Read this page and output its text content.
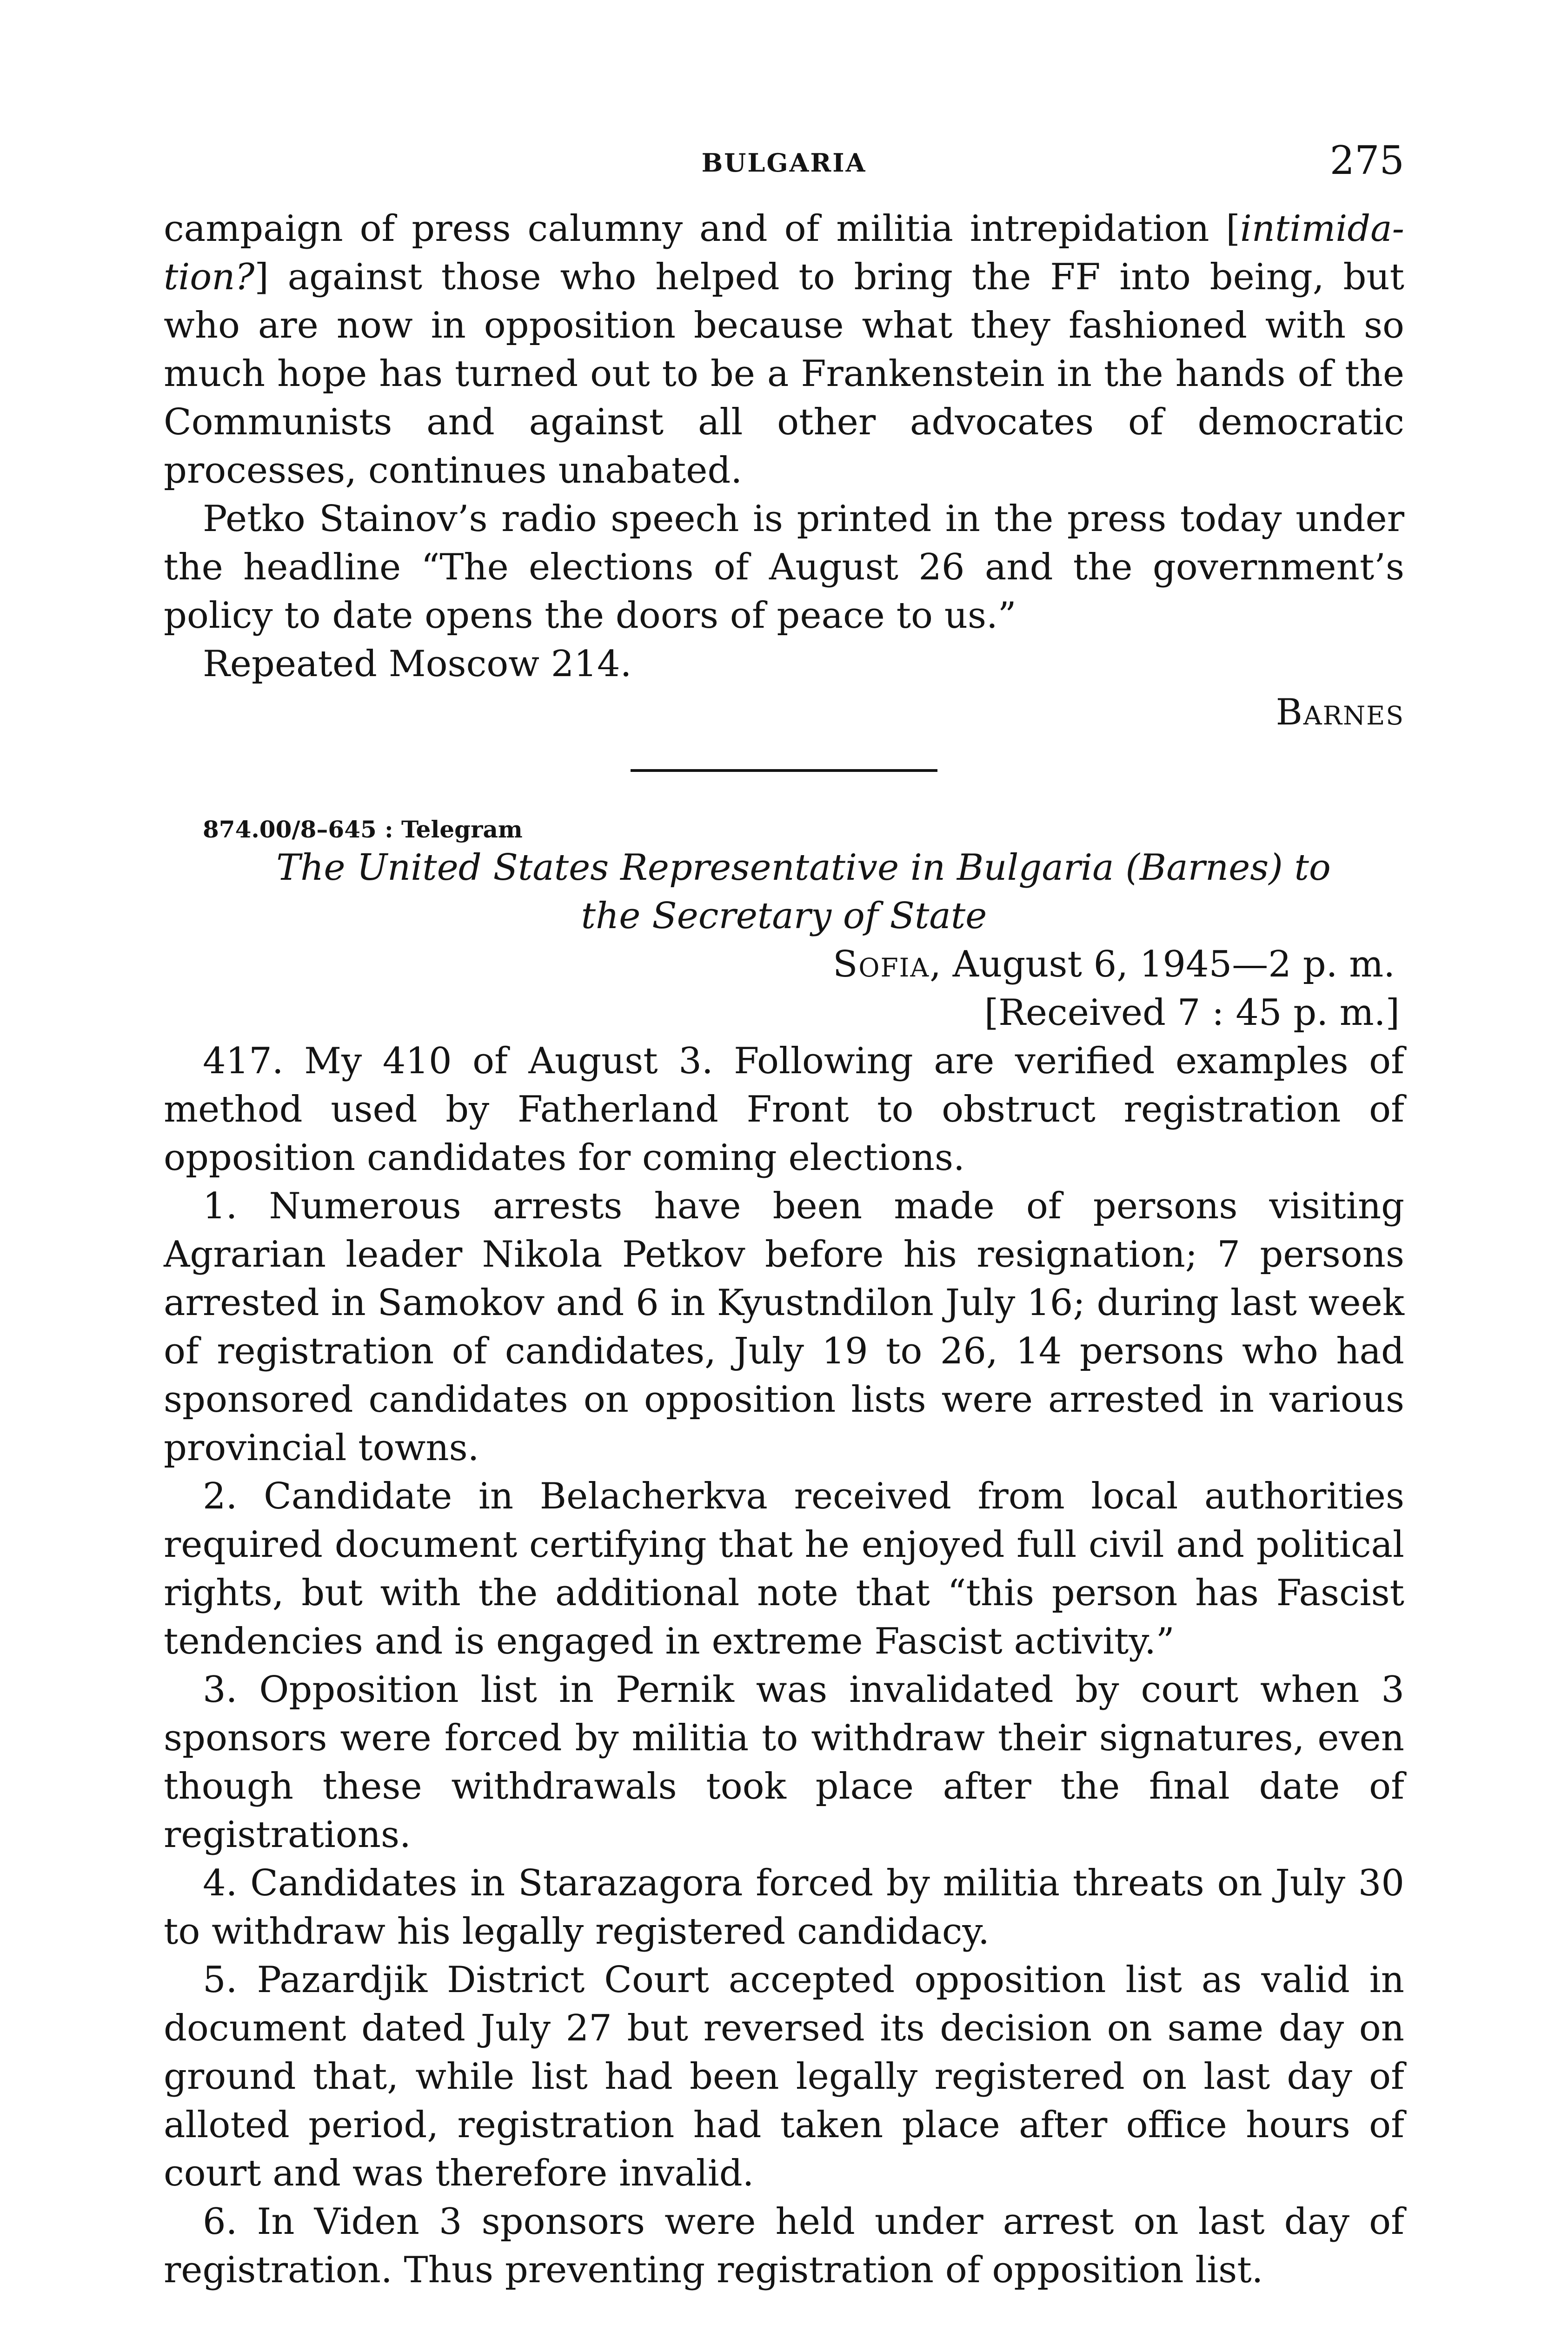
BULGARIA	275

campaign of press calumny and of militia intrepidation [intimida-tion?] against those who helped to bring the FF into being, but who are now in opposition because what they fashioned with so much hope has turned out to be a Frankenstein in the hands of the Communists and against all other advocates of democratic processes, continues unabated.

Petko Stainov’s radio speech is printed in the press today under the headline “The elections of August 26 and the government’s policy to date opens the doors of peace to us.”

Repeated Moscow 214.

Barnes

874.00/8–645 : Telegram

The United States Representative in Bulgaria (Barnes) to the Secretary of State

Sofia, August 6, 1945—2 p. m.

[Received 7 : 45 p. m.]

417. My 410 of August 3. Following are verified examples of method used by Fatherland Front to obstruct registration of opposition candidates for coming elections.

1. Numerous arrests have been made of persons visiting Agrarian leader Nikola Petkov before his resignation; 7 persons arrested in Samokov and 6 in Kyustndilon July 16; during last week of registration of candidates, July 19 to 26, 14 persons who had sponsored candidates on opposition lists were arrested in various provincial towns.

2. Candidate in Belacherkva received from local authorities required document certifying that he enjoyed full civil and political rights, but with the additional note that “this person has Fascist tendencies and is engaged in extreme Fascist activity.”

3. Opposition list in Pernik was invalidated by court when 3 sponsors were forced by militia to withdraw their signatures, even though these withdrawals took place after the final date of registrations.

4. Candidates in Starazagora forced by militia threats on July 30 to withdraw his legally registered candidacy.

5. Pazardjik District Court accepted opposition list as valid in document dated July 27 but reversed its decision on same day on ground that, while list had been legally registered on last day of alloted period, registration had taken place after office hours of court and was therefore invalid.

6. In Viden 3 sponsors were held under arrest on last day of registration. Thus preventing registration of opposition list.
